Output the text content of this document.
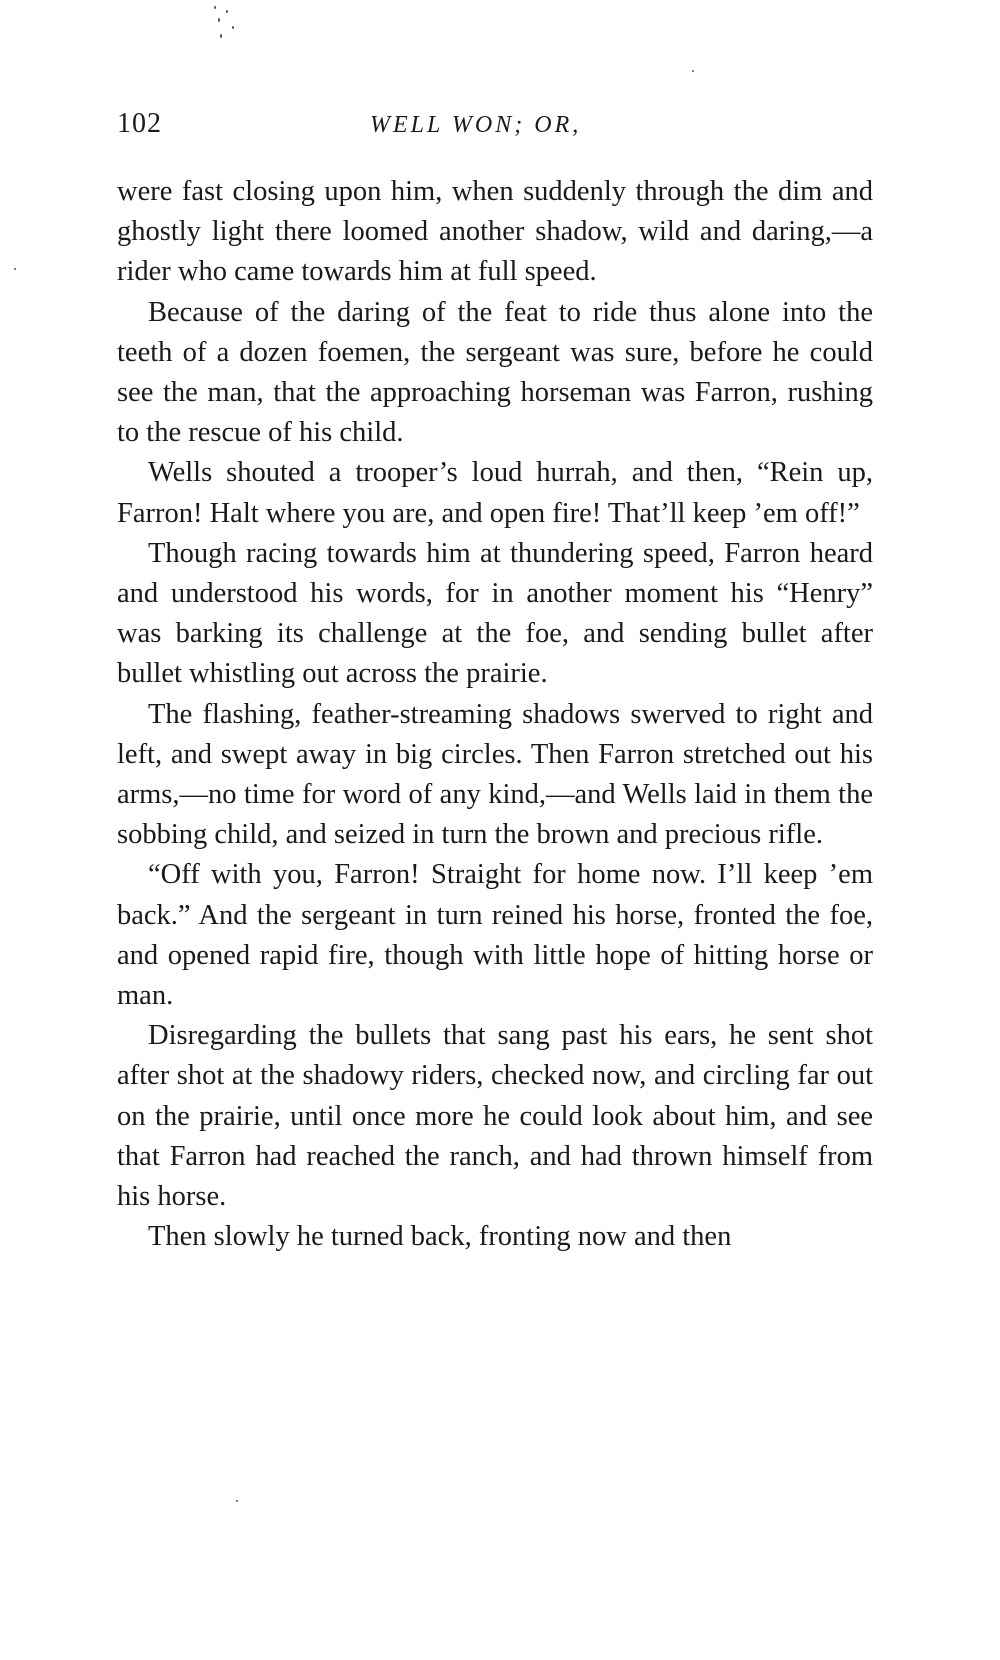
102	WELL WON; OR,

were fast closing upon him, when suddenly through the dim and ghostly light there loomed another shadow, wild and daring,—a rider who came towards him at full speed.

Because of the daring of the feat to ride thus alone into the teeth of a dozen foemen, the sergeant was sure, before he could see the man, that the approaching horseman was Farron, rushing to the rescue of his child.

Wells shouted a trooper’s loud hurrah, and then, “Rein up, Farron! Halt where you are, and open fire! That’ll keep ’em off!”

Though racing towards him at thundering speed, Farron heard and understood his words, for in another moment his “Henry” was barking its challenge at the foe, and sending bullet after bullet whistling out across the prairie.

The flashing, feather-streaming shadows swerved to right and left, and swept away in big circles. Then Farron stretched out his arms,—no time for word of any kind,—and Wells laid in them the sobbing child, and seized in turn the brown and precious rifle.

“Off with you, Farron! Straight for home now. I’ll keep ’em back.” And the sergeant in turn reined his horse, fronted the foe, and opened rapid fire, though with little hope of hitting horse or man.

Disregarding the bullets that sang past his ears, he sent shot after shot at the shadowy riders, checked now, and circling far out on the prairie, until once more he could look about him, and see that Farron had reached the ranch, and had thrown himself from his horse.

Then slowly he turned back, fronting now and then
